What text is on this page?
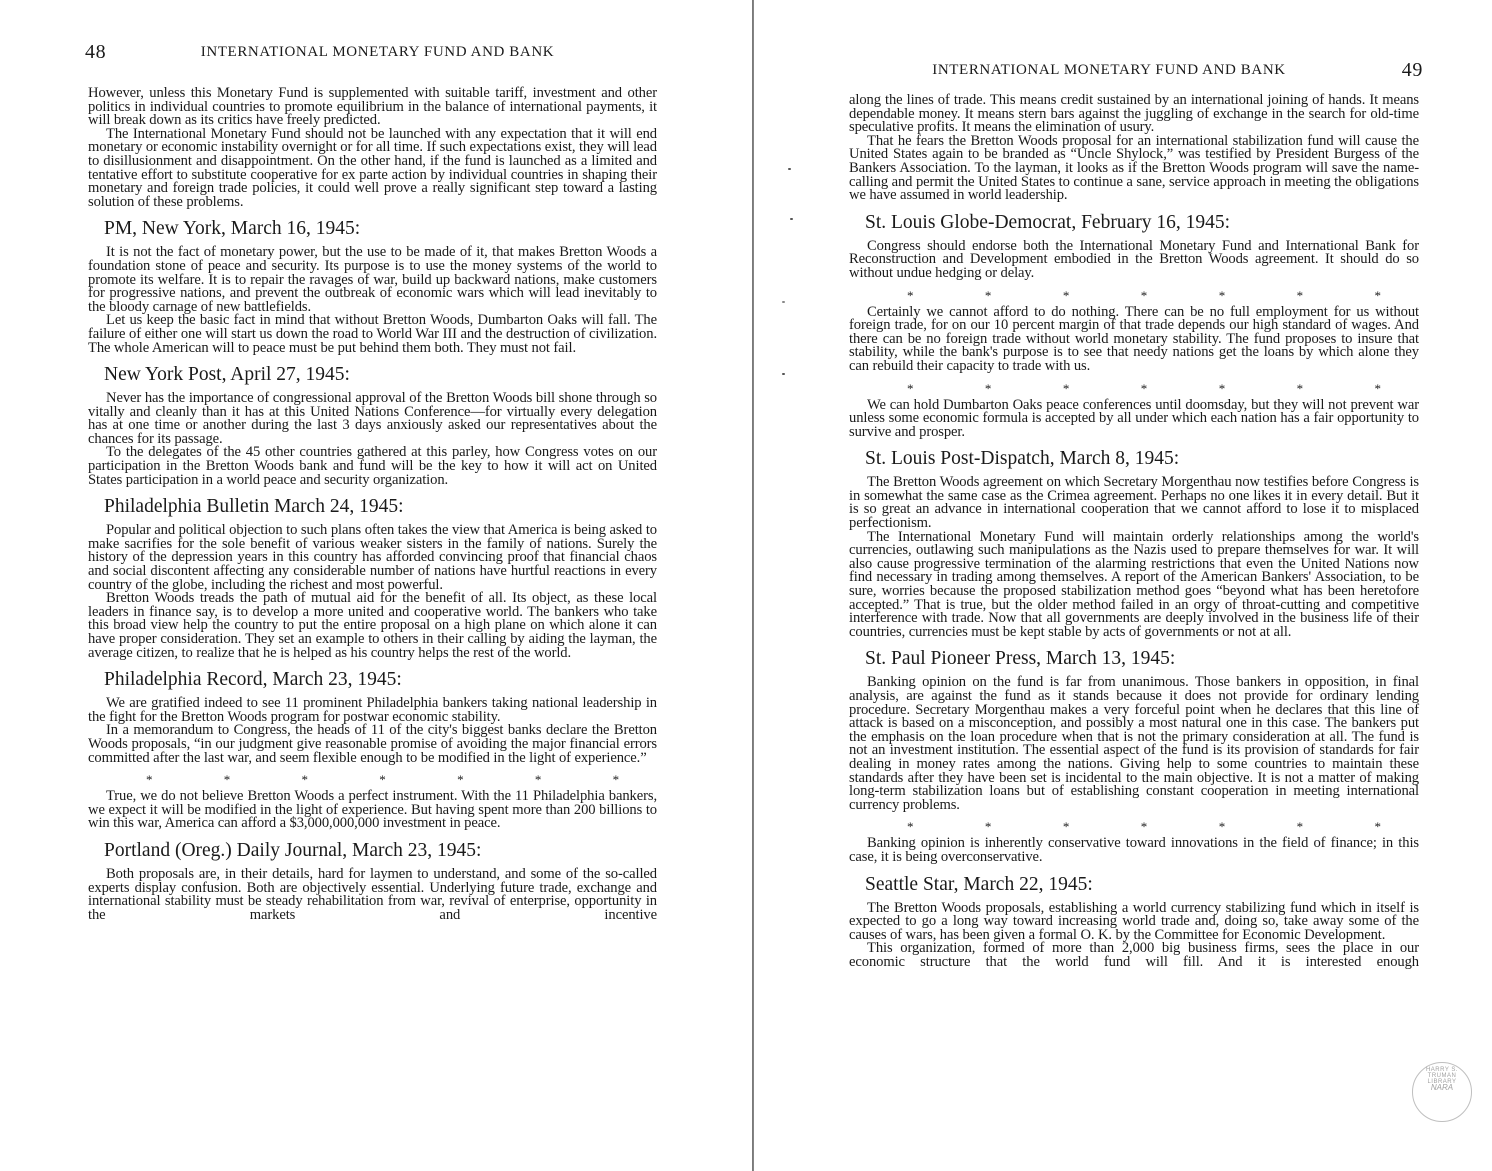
48	INTERNATIONAL MONETARY FUND AND BANK

However, unless this Monetary Fund is supplemented with suitable tariff, investment and other politics in individual countries to promote equilibrium in the balance of international payments, it will break down as its critics have freely predicted.

The International Monetary Fund should not be launched with any expectation that it will end monetary or economic instability overnight or for all time. If such expectations exist, they will lead to disillusionment and disappointment. On the other hand, if the fund is launched as a limited and tentative effort to substitute cooperative for ex parte action by individual countries in shaping their monetary and foreign trade policies, it could well prove a really significant step toward a lasting solution of these problems.

PM, New York, March 16, 1945:

It is not the fact of monetary power, but the use to be made of it, that makes Bretton Woods a foundation stone of peace and security. Its purpose is to use the money systems of the world to promote its welfare. It is to repair the ravages of war, build up backward nations, make customers for progressive nations, and prevent the outbreak of economic wars which will lead inevitably to the bloody carnage of new battlefields.

Let us keep the basic fact in mind that without Bretton Woods, Dumbarton Oaks will fall. The failure of either one will start us down the road to World War III and the destruction of civilization. The whole American will to peace must be put behind them both. They must not fail.

New York Post, April 27, 1945:

Never has the importance of congressional approval of the Bretton Woods bill shone through so vitally and cleanly than it has at this United Nations Conference—for virtually every delegation has at one time or another during the last 3 days anxiously asked our representatives about the chances for its passage.

To the delegates of the 45 other countries gathered at this parley, how Congress votes on our participation in the Bretton Woods bank and fund will be the key to how it will act on United States participation in a world peace and security organization.

Philadelphia Bulletin March 24, 1945:

Popular and political objection to such plans often takes the view that America is being asked to make sacrifies for the sole benefit of various weaker sisters in the family of nations. Surely the history of the depression years in this country has afforded convincing proof that financial chaos and social discontent affecting any considerable number of nations have hurtful reactions in every country of the globe, including the richest and most powerful.

Bretton Woods treads the path of mutual aid for the benefit of all. Its object, as these local leaders in finance say, is to develop a more united and cooperative world. The bankers who take this broad view help the country to put the entire proposal on a high plane on which alone it can have proper consideration. They set an example to others in their calling by aiding the layman, the average citizen, to realize that he is helped as his country helps the rest of the world.

Philadelphia Record, March 23, 1945:

We are gratified indeed to see 11 prominent Philadelphia bankers taking national leadership in the fight for the Bretton Woods program for postwar economic stability.

In a memorandum to Congress, the heads of 11 of the city's biggest banks declare the Bretton Woods proposals, “in our judgment give reasonable promise of avoiding the major financial errors committed after the last war, and seem flexible enough to be modified in the light of experience.”

*	*	*	*	*	*	*

True, we do not believe Bretton Woods a perfect instrument. With the 11 Philadelphia bankers, we expect it will be modified in the light of experience. But having spent more than 200 billions to win this war, America can afford a $3,000,000,000 investment in peace.

Portland (Oreg.) Daily Journal, March 23, 1945:

Both proposals are, in their details, hard for laymen to understand, and some of the so-called experts display confusion. Both are objectively essential. Underlying future trade, exchange and international stability must be steady rehabilitation from war, revival of enterprise, opportunity in the markets and incentive

INTERNATIONAL MONETARY FUND AND BANK	49

along the lines of trade. This means credit sustained by an international joining of hands. It means dependable money. It means stern bars against the juggling of exchange in the search for old-time speculative profits. It means the elimination of usury.

That he fears the Bretton Woods proposal for an international stabilization fund will cause the United States again to be branded as “Uncle Shylock,” was testified by President Burgess of the Bankers Association. To the layman, it looks as if the Bretton Woods program will save the name-calling and permit the United States to continue a sane, service approach in meeting the obligations we have assumed in world leadership.

St. Louis Globe-Democrat, February 16, 1945:

Congress should endorse both the International Monetary Fund and International Bank for Reconstruction and Development embodied in the Bretton Woods agreement. It should do so without undue hedging or delay.

*	*	*	*	*	*	*

Certainly we cannot afford to do nothing. There can be no full employment for us without foreign trade, for on our 10 percent margin of that trade depends our high standard of wages. And there can be no foreign trade without world monetary stability. The fund proposes to insure that stability, while the bank's purpose is to see that needy nations get the loans by which alone they can rebuild their capacity to trade with us.

*	*	*	*	*	*	*

We can hold Dumbarton Oaks peace conferences until doomsday, but they will not prevent war unless some economic formula is accepted by all under which each nation has a fair opportunity to survive and prosper.

St. Louis Post-Dispatch, March 8, 1945:

The Bretton Woods agreement on which Secretary Morgenthau now testifies before Congress is in somewhat the same case as the Crimea agreement. Perhaps no one likes it in every detail. But it is so great an advance in international cooperation that we cannot afford to lose it to misplaced perfectionism.

The International Monetary Fund will maintain orderly relationships among the world's currencies, outlawing such manipulations as the Nazis used to prepare themselves for war. It will also cause progressive termination of the alarming restrictions that even the United Nations now find necessary in trading among themselves. A report of the American Bankers' Association, to be sure, worries because the proposed stabilization method goes “beyond what has been heretofore accepted.” That is true, but the older method failed in an orgy of throat-cutting and competitive interference with trade. Now that all governments are deeply involved in the business life of their countries, currencies must be kept stable by acts of governments or not at all.

St. Paul Pioneer Press, March 13, 1945:

Banking opinion on the fund is far from unanimous. Those bankers in opposition, in final analysis, are against the fund as it stands because it does not provide for ordinary lending procedure. Secretary Morgenthau makes a very forceful point when he declares that this line of attack is based on a misconception, and possibly a most natural one in this case. The bankers put the emphasis on the loan procedure when that is not the primary consideration at all. The fund is not an investment institution. The essential aspect of the fund is its provision of standards for fair dealing in money rates among the nations. Giving help to some countries to maintain these standards after they have been set is incidental to the main objective. It is not a matter of making long-term stabilization loans but of establishing constant cooperation in meeting international currency problems.

*	*	*	*	*	*	*

Banking opinion is inherently conservative toward innovations in the field of finance; in this case, it is being overconservative.

Seattle Star, March 22, 1945:

The Bretton Woods proposals, establishing a world currency stabilizing fund which in itself is expected to go a long way toward increasing world trade and, doing so, take away some of the causes of wars, has been given a formal O. K. by the Committee for Economic Development.

This organization, formed of more than 2,000 big business firms, sees the place in our economic structure that the world fund will fill. And it is interested enough

HARRY S. TRUMAN LIBRARY
NARA
